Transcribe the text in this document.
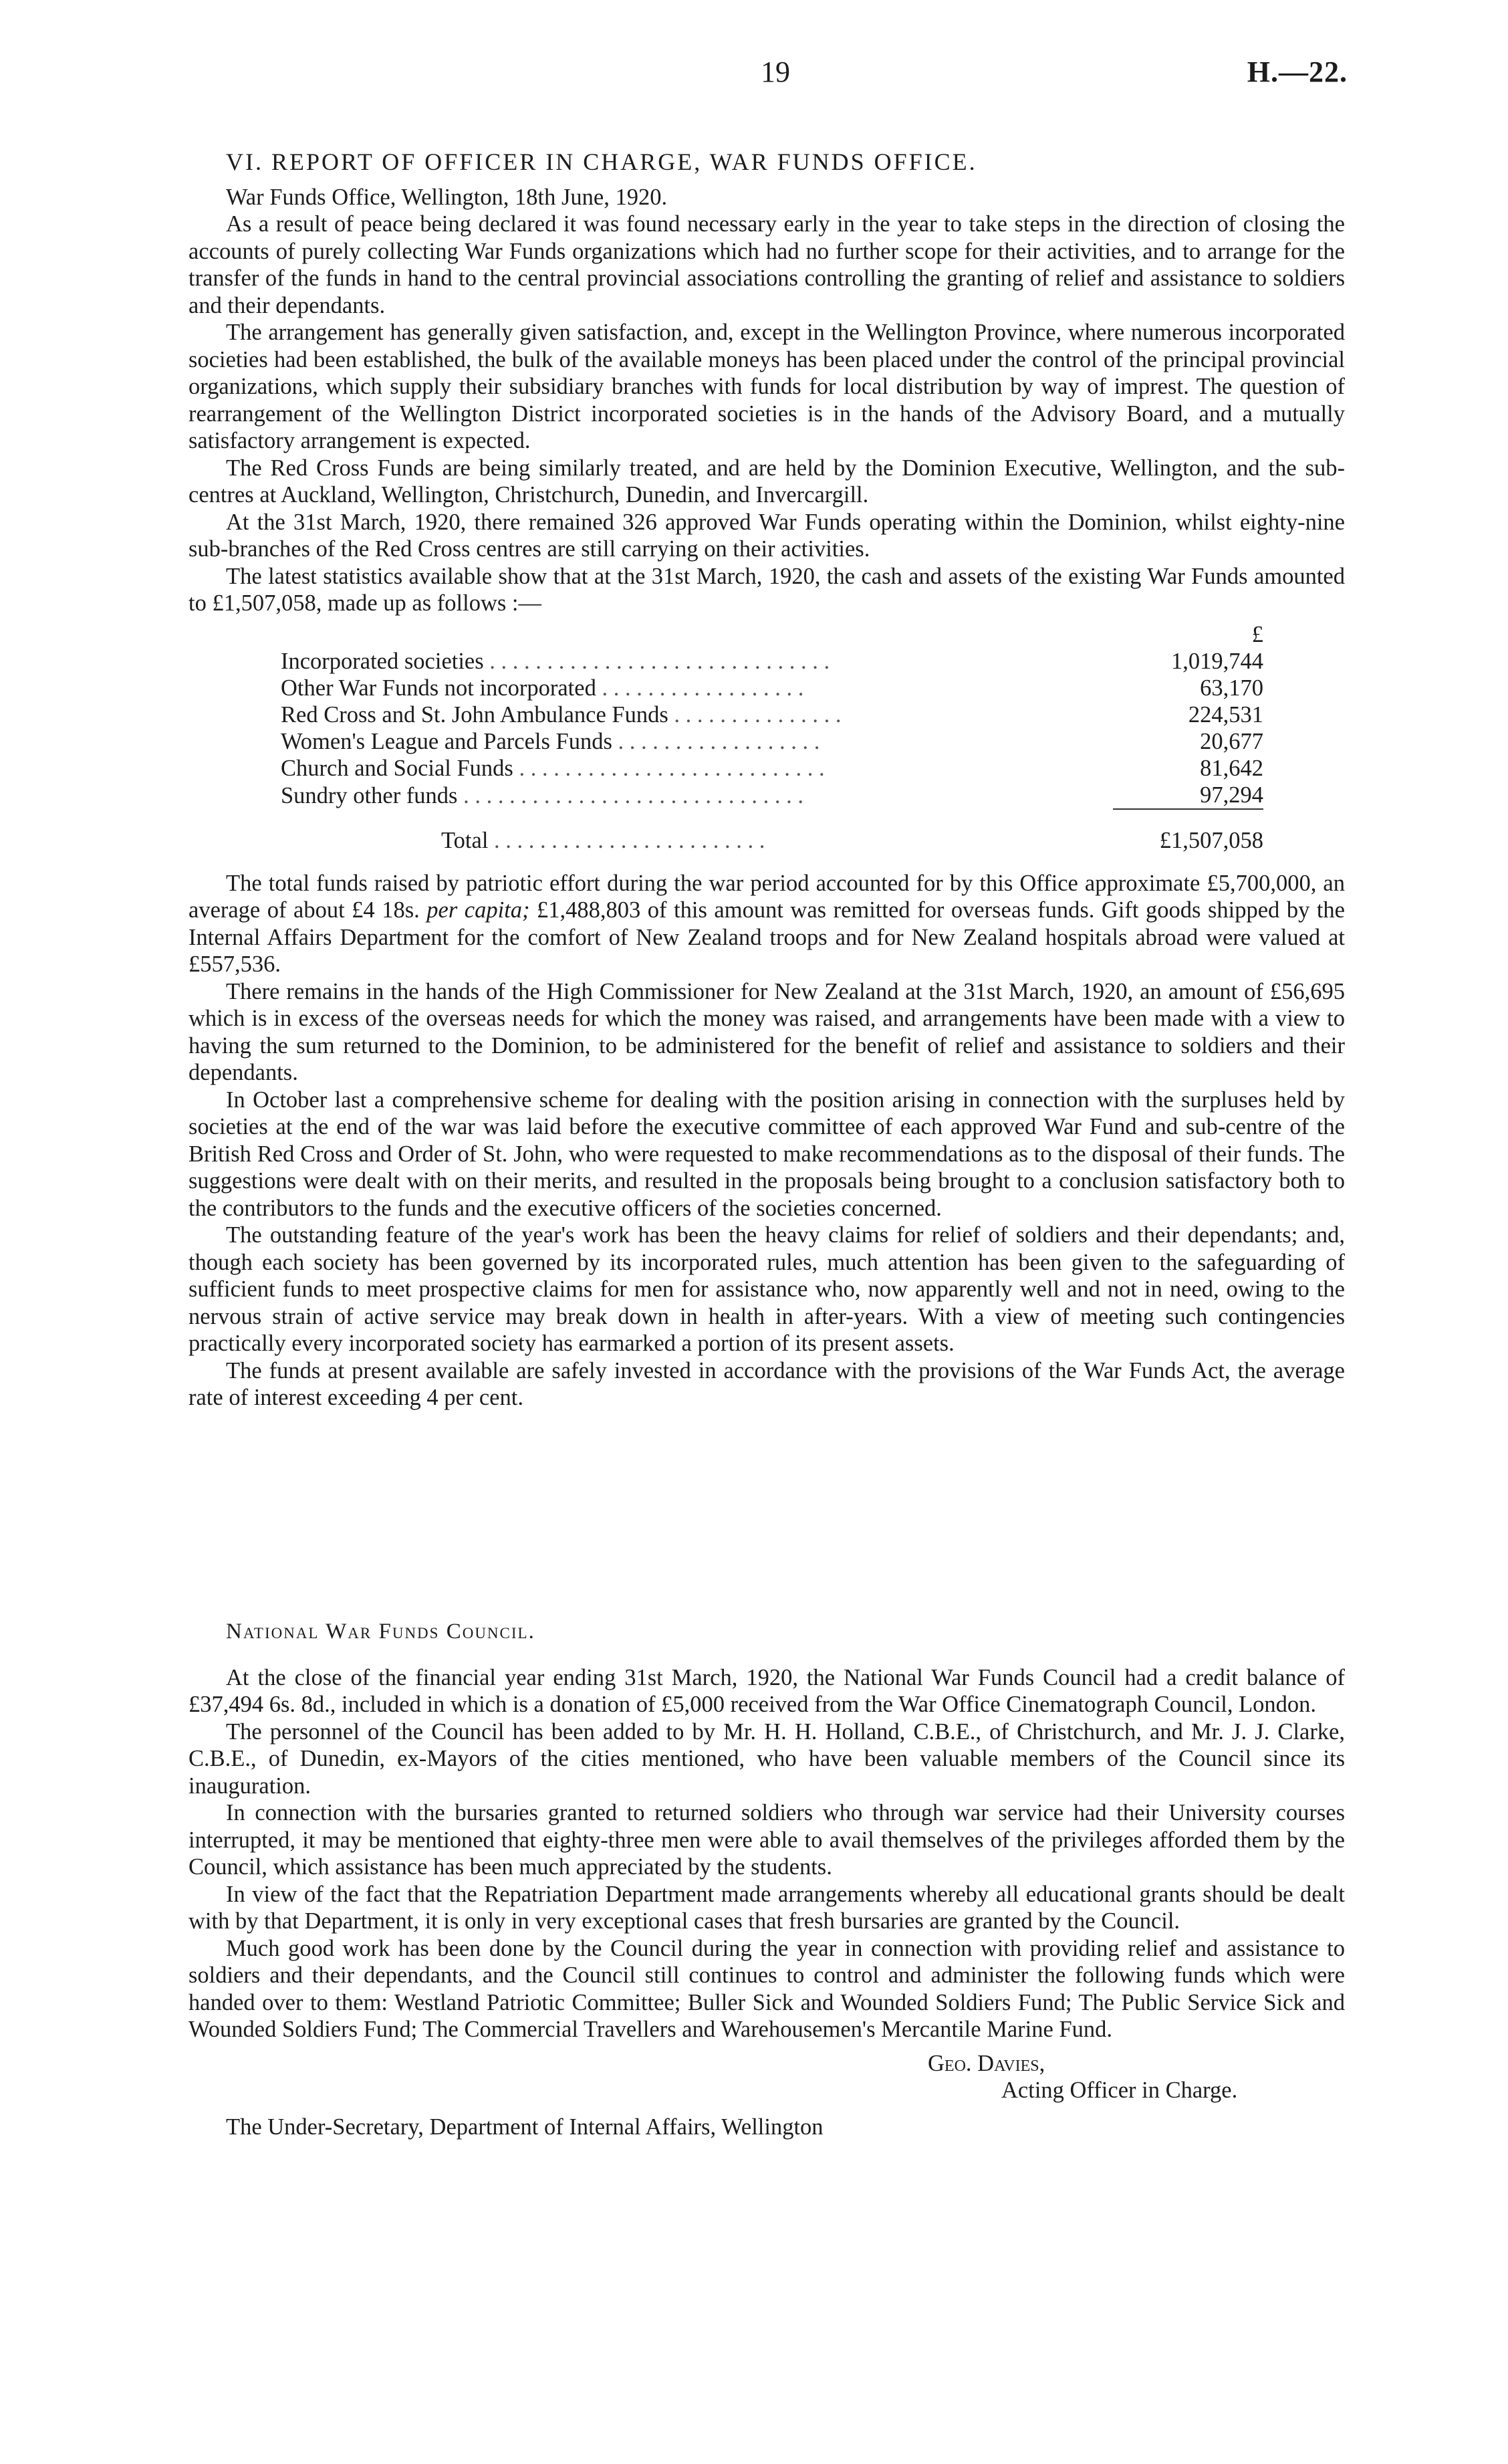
19	H.—22.

VI. REPORT OF OFFICER IN CHARGE, WAR FUNDS OFFICE.

War Funds Office, Wellington, 18th June, 1920.

As a result of peace being declared it was found necessary early in the year to take steps in the direction of closing the accounts of purely collecting War Funds organizations which had no further scope for their activities, and to arrange for the transfer of the funds in hand to the central provincial associations controlling the granting of relief and assistance to soldiers and their dependants.

The arrangement has generally given satisfaction, and, except in the Wellington Province, where numerous incorporated societies had been established, the bulk of the available moneys has been placed under the control of the principal provincial organizations, which supply their subsidiary branches with funds for local distribution by way of imprest. The question of rearrangement of the Wellington District incorporated societies is in the hands of the Advisory Board, and a mutually satisfactory arrangement is expected.

The Red Cross Funds are being similarly treated, and are held by the Dominion Executive, Wellington, and the sub-centres at Auckland, Wellington, Christchurch, Dunedin, and Invercargill.

At the 31st March, 1920, there remained 326 approved War Funds operating within the Dominion, whilst eighty-nine sub-branches of the Red Cross centres are still carrying on their activities.

The latest statistics available show that at the 31st March, 1920, the cash and assets of the existing War Funds amounted to £1,507,058, made up as follows :—

	£
Incorporated societies . . . . . . . . . . . . . . . . . . . . . . . . . . . . . .	1,019,744
Other War Funds not incorporated . . . . . . . . . . . . . . . . . .	63,170
Red Cross and St. John Ambulance Funds . . . . . . . . . . . . . . .	224,531
Women's League and Parcels Funds . . . . . . . . . . . . . . . . . .	20,677
Church and Social Funds . . . . . . . . . . . . . . . . . . . . . . . . . . .	81,642
Sundry other funds . . . . . . . . . . . . . . . . . . . . . . . . . . . . . .	97,294
Total . . . . . . . . . . . . . . . . . . . . . . . .	£1,507,058

The total funds raised by patriotic effort during the war period accounted for by this Office approximate £5,700,000, an average of about £4 18s. per capita; £1,488,803 of this amount was remitted for overseas funds. Gift goods shipped by the Internal Affairs Department for the comfort of New Zealand troops and for New Zealand hospitals abroad were valued at £557,536.

There remains in the hands of the High Commissioner for New Zealand at the 31st March, 1920, an amount of £56,695 which is in excess of the overseas needs for which the money was raised, and arrangements have been made with a view to having the sum returned to the Dominion, to be administered for the benefit of relief and assistance to soldiers and their dependants.

In October last a comprehensive scheme for dealing with the position arising in connection with the surpluses held by societies at the end of the war was laid before the executive committee of each approved War Fund and sub-centre of the British Red Cross and Order of St. John, who were requested to make recommendations as to the disposal of their funds. The suggestions were dealt with on their merits, and resulted in the proposals being brought to a conclusion satisfactory both to the contributors to the funds and the executive officers of the societies concerned.

The outstanding feature of the year's work has been the heavy claims for relief of soldiers and their dependants; and, though each society has been governed by its incorporated rules, much attention has been given to the safeguarding of sufficient funds to meet prospective claims for men for assistance who, now apparently well and not in need, owing to the nervous strain of active service may break down in health in after-years. With a view of meeting such contingencies practically every incorporated society has earmarked a portion of its present assets.

The funds at present available are safely invested in accordance with the provisions of the War Funds Act, the average rate of interest exceeding 4 per cent.

National War Funds Council.

At the close of the financial year ending 31st March, 1920, the National War Funds Council had a credit balance of £37,494 6s. 8d., included in which is a donation of £5,000 received from the War Office Cinematograph Council, London.

The personnel of the Council has been added to by Mr. H. H. Holland, C.B.E., of Christchurch, and Mr. J. J. Clarke, C.B.E., of Dunedin, ex-Mayors of the cities mentioned, who have been valuable members of the Council since its inauguration.

In connection with the bursaries granted to returned soldiers who through war service had their University courses interrupted, it may be mentioned that eighty-three men were able to avail themselves of the privileges afforded them by the Council, which assistance has been much appreciated by the students.

In view of the fact that the Repatriation Department made arrangements whereby all educational grants should be dealt with by that Department, it is only in very exceptional cases that fresh bursaries are granted by the Council.

Much good work has been done by the Council during the year in connection with providing relief and assistance to soldiers and their dependants, and the Council still continues to control and administer the following funds which were handed over to them: Westland Patriotic Committee; Buller Sick and Wounded Soldiers Fund; The Public Service Sick and Wounded Soldiers Fund; The Commercial Travellers and Warehousemen's Mercantile Marine Fund.

Geo. Davies,

Acting Officer in Charge.

The Under-Secretary, Department of Internal Affairs, Wellington
